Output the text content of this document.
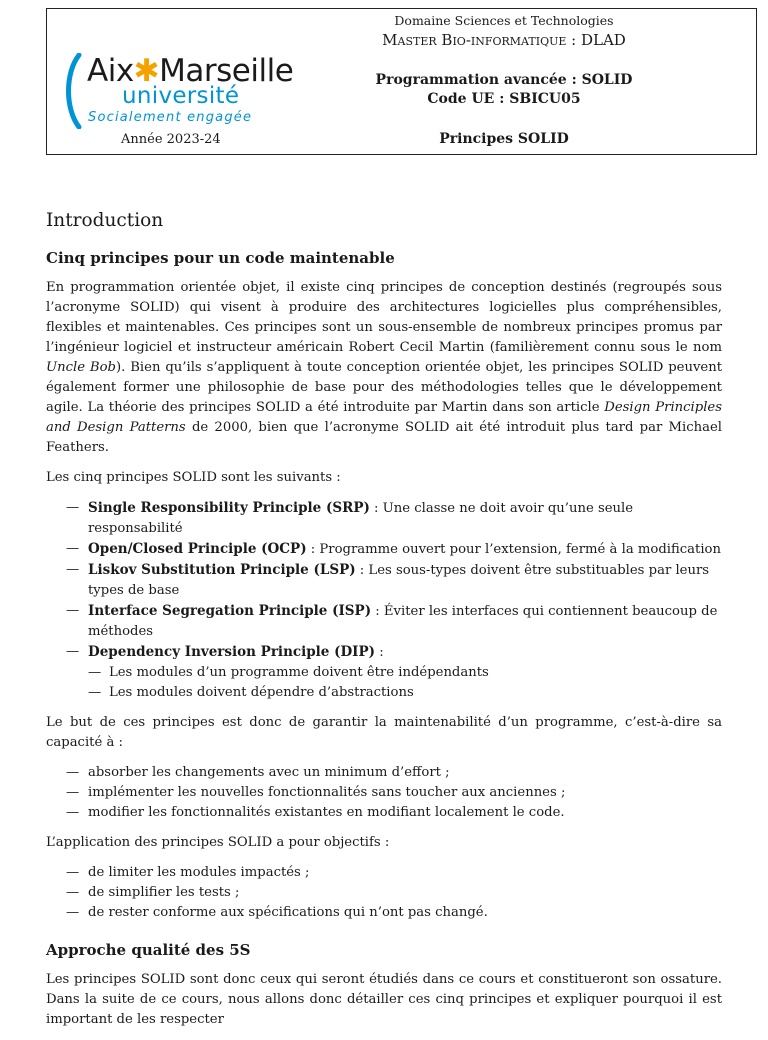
Aix✱Marseille
université
Socialement engagée
Domaine Sciences et Technologies
Master Bio-informatique : DLAD
Programmation avancée : SOLID
Code UE : SBICU05
Année 2023-24	Principes SOLID
Introduction
Cinq principes pour un code maintenable

En programmation orientée objet, il existe cinq principes de conception destinés (regroupés sous l’acronyme SOLID) qui visent à produire des architectures logicielles plus compréhensibles, flexibles et maintenables. Ces principes sont un sous-ensemble de nombreux principes promus par l’ingénieur logiciel et instructeur américain Robert Cecil Martin (familièrement connu sous le nom Uncle Bob). Bien qu’ils s’appliquent à toute conception orientée objet, les principes SOLID peuvent également former une philosophie de base pour des méthodologies telles que le développement agile. La théorie des principes SOLID a été introduite par Martin dans son article Design Principles and Design Patterns de 2000, bien que l’acronyme SOLID ait été introduit plus tard par Michael Feathers.

Les cinq principes SOLID sont les suivants :

— Single Responsibility Principle (SRP) : Une classe ne doit avoir qu’une seule responsabilité
— Open/Closed Principle (OCP) : Programme ouvert pour l’extension, fermé à la modification
— Liskov Substitution Principle (LSP) : Les sous-types doivent être substituables par leurs types de base
— Interface Segregation Principle (ISP) : Éviter les interfaces qui contiennent beaucoup de méthodes
— Dependency Inversion Principle (DIP) :
— Les modules d’un programme doivent être indépendants
— Les modules doivent dépendre d’abstractions

Le but de ces principes est donc de garantir la maintenabilité d’un programme, c’est-à-dire sa capacité à :

— absorber les changements avec un minimum d’effort ;
— implémenter les nouvelles fonctionnalités sans toucher aux anciennes ;
— modifier les fonctionnalités existantes en modifiant localement le code.

L’application des principes SOLID a pour objectifs :

— de limiter les modules impactés ;
— de simplifier les tests ;
— de rester conforme aux spécifications qui n’ont pas changé.
Approche qualité des 5S

Les principes SOLID sont donc ceux qui seront étudiés dans ce cours et constitueront son ossature. Dans la suite de ce cours, nous allons donc détailler ces cinq principes et expliquer pourquoi il est important de les respecter
